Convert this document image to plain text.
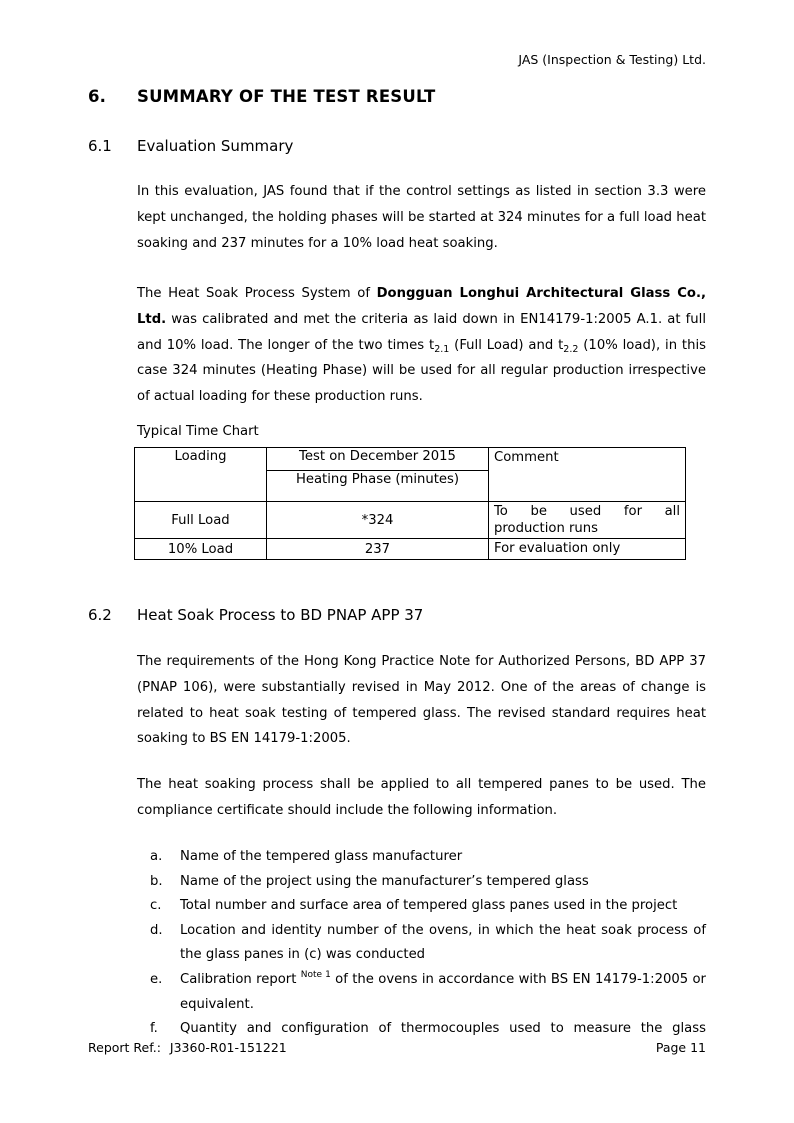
JAS (Inspection & Testing) Ltd.
6. SUMMARY OF THE TEST RESULT
6.1 Evaluation Summary

In this evaluation, JAS found that if the control settings as listed in section 3.3 were kept unchanged, the holding phases will be started at 324 minutes for a full load heat soaking and 237 minutes for a 10% load heat soaking.

The Heat Soak Process System of Dongguan Longhui Architectural Glass Co., Ltd. was calibrated and met the criteria as laid down in EN14179-1:2005 A.1. at full and 10% load. The longer of the two times $t_{2.1}$ (Full Load) and $t_{2.2}$ (10% load), in this case 324 minutes (Heating Phase) will be used for all regular production irrespective of actual loading for these production runs.

Typical Time Chart
Loading	Test on December 2015	Comment
	Heating Phase (minutes)	
Full Load	*324	To be used for all production runs
10% Load	237	For evaluation only
6.2 Heat Soak Process to BD PNAP APP 37

The requirements of the Hong Kong Practice Note for Authorized Persons, BD APP 37 (PNAP 106), were substantially revised in May 2012. One of the areas of change is related to heat soak testing of tempered glass. The revised standard requires heat soaking to BS EN 14179-1:2005.

The heat soaking process shall be applied to all tempered panes to be used. The compliance certificate should include the following information.

a. Name of the tempered glass manufacturer
b. Name of the project using the manufacturer’s tempered glass
c. Total number and surface area of tempered glass panes used in the project
d. Location and identity number of the ovens, in which the heat soak process of the glass panes in (c) was conducted
e. Calibration report $^{Note 1}$ of the ovens in accordance with BS EN 14179-1:2005 or equivalent.
f. Quantity and configuration of thermocouples used to measure the glass
Report Ref.: J3360-R01-151221	Page 11
